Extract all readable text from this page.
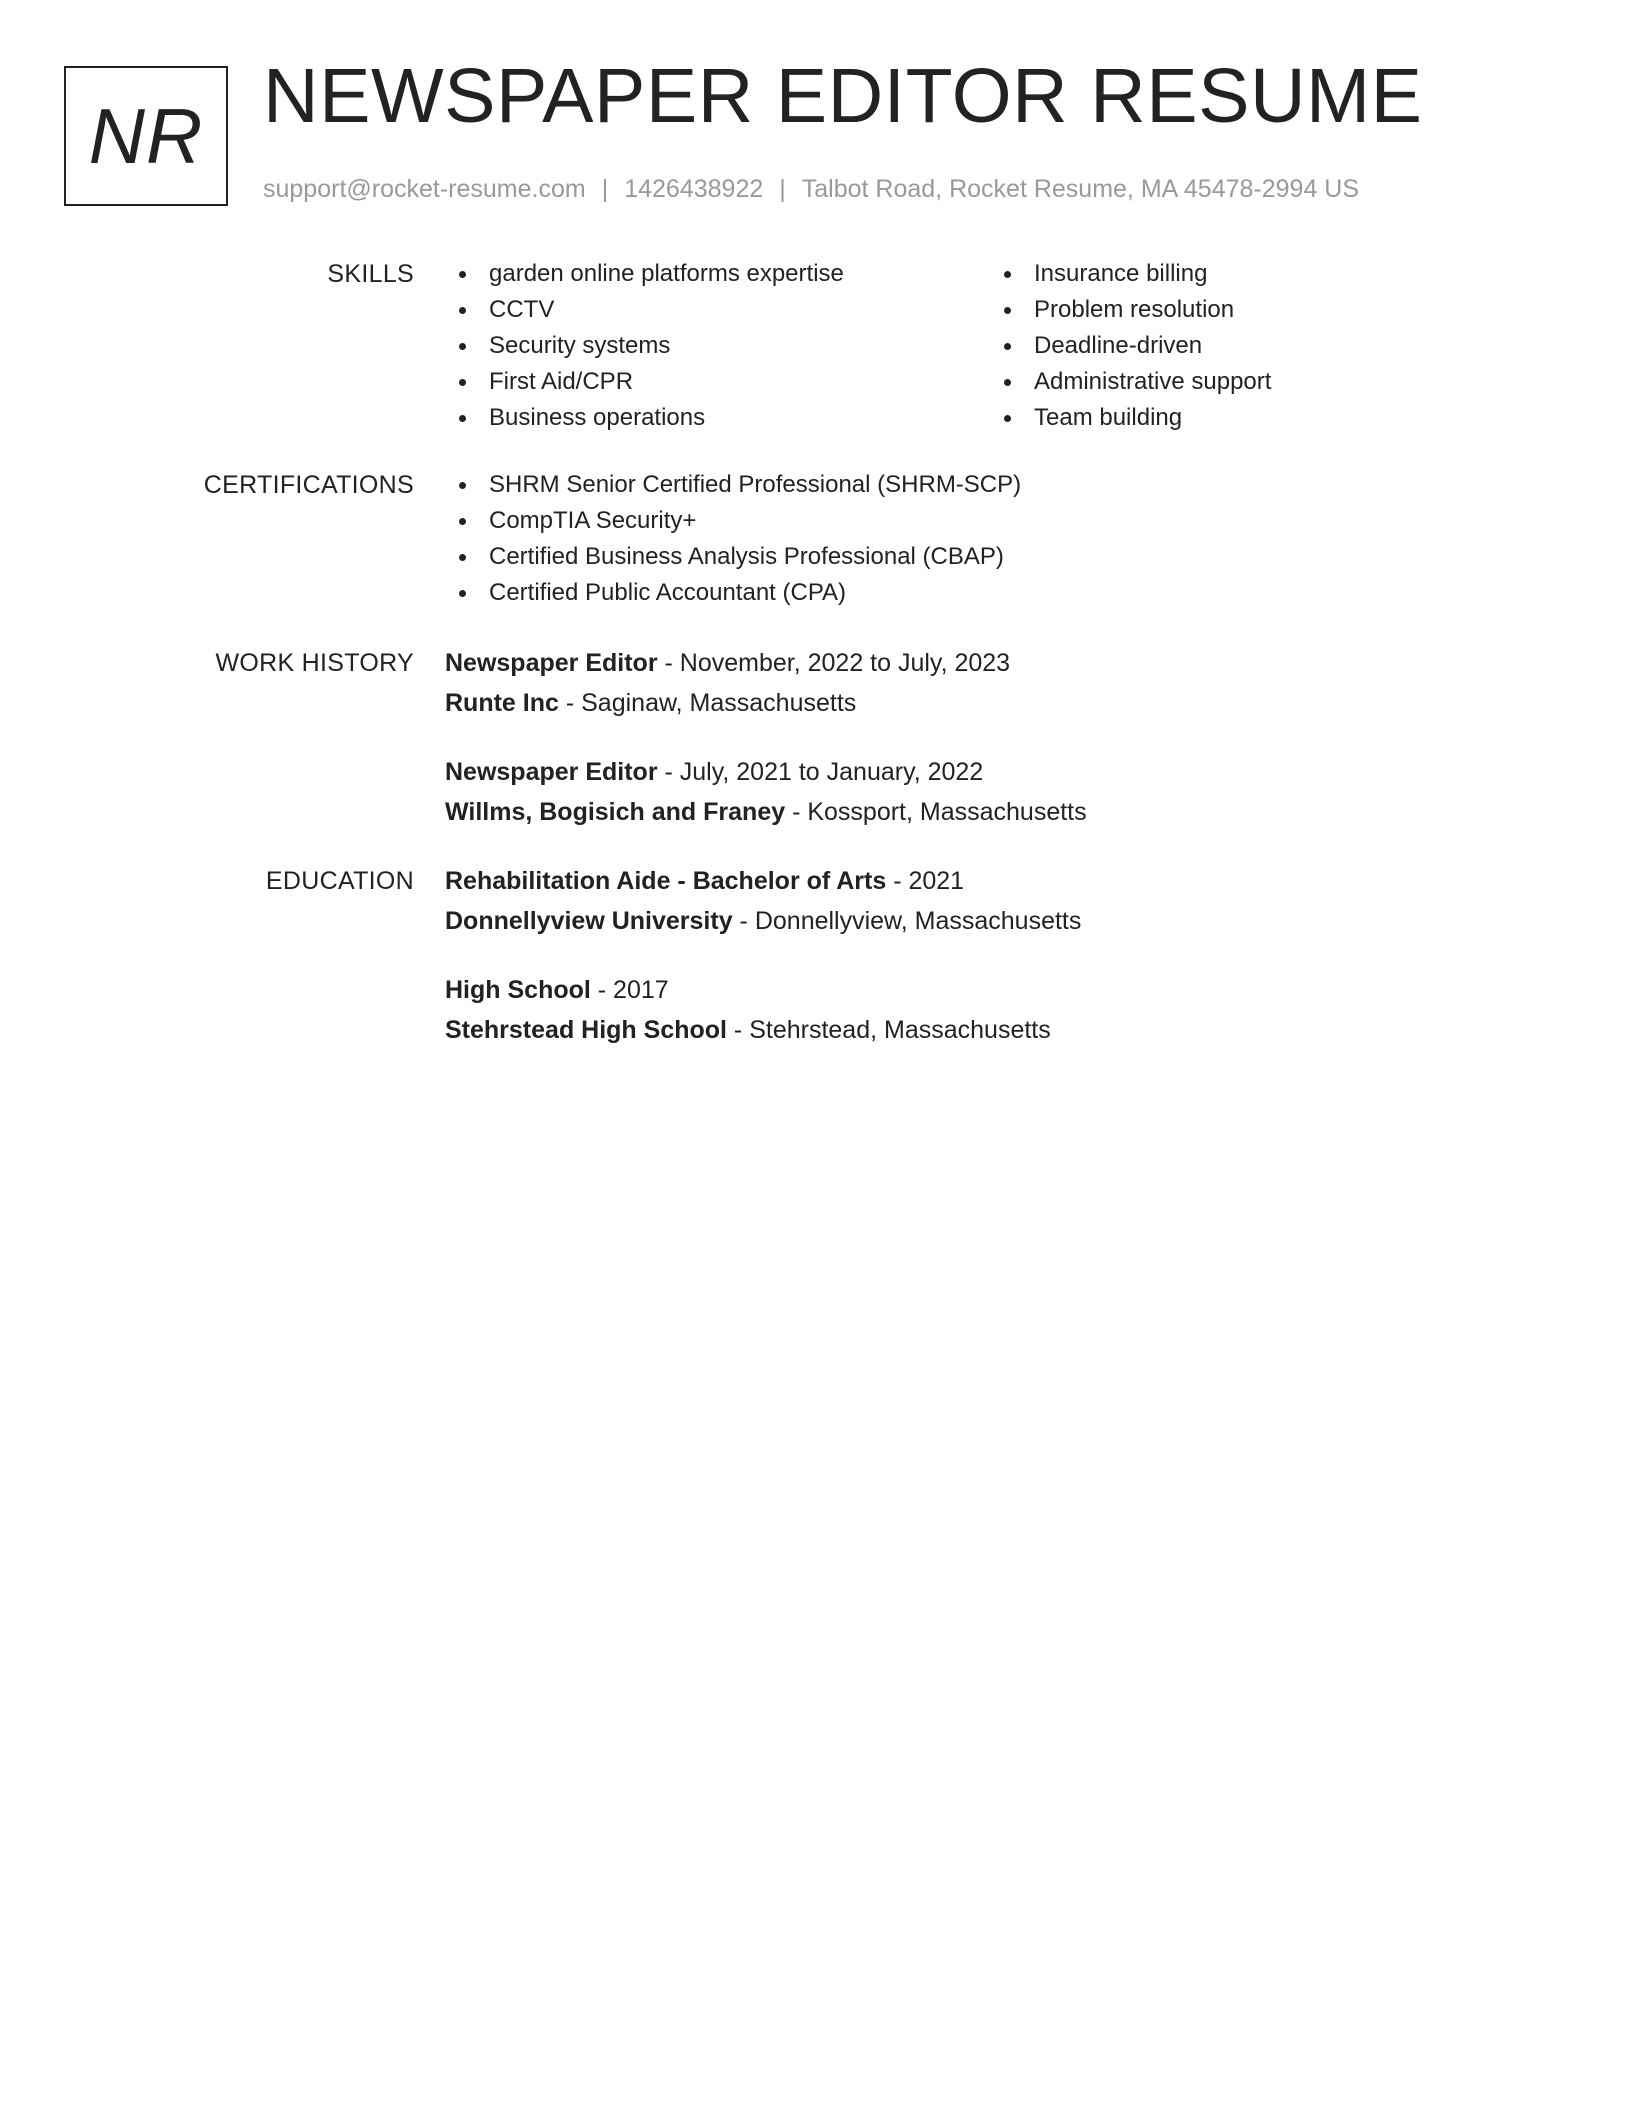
NR NEWSPAPER EDITOR RESUME
support@rocket-resume.com | 1426438922 | Talbot Road, Rocket Resume, MA 45478-2994 US
SKILLS	garden online platforms expertise
CCTV
Security systems
First Aid/CPR
Business operations
Insurance billing
Problem resolution
Deadline-driven
Administrative support
Team building
CERTIFICATIONS	SHRM Senior Certified Professional (SHRM-SCP)
CompTIA Security+
Certified Business Analysis Professional (CBAP)
Certified Public Accountant (CPA)
WORK HISTORY Newspaper Editor - November, 2022 to July, 2023
Runte Inc - Saginaw, Massachusetts
Newspaper Editor - July, 2021 to January, 2022
Willms, Bogisich and Franey - Kossport, Massachusetts
EDUCATION Rehabilitation Aide - Bachelor of Arts - 2021
Donnellyview University - Donnellyview, Massachusetts
High School - 2017
Stehrstead High School - Stehrstead, Massachusetts
